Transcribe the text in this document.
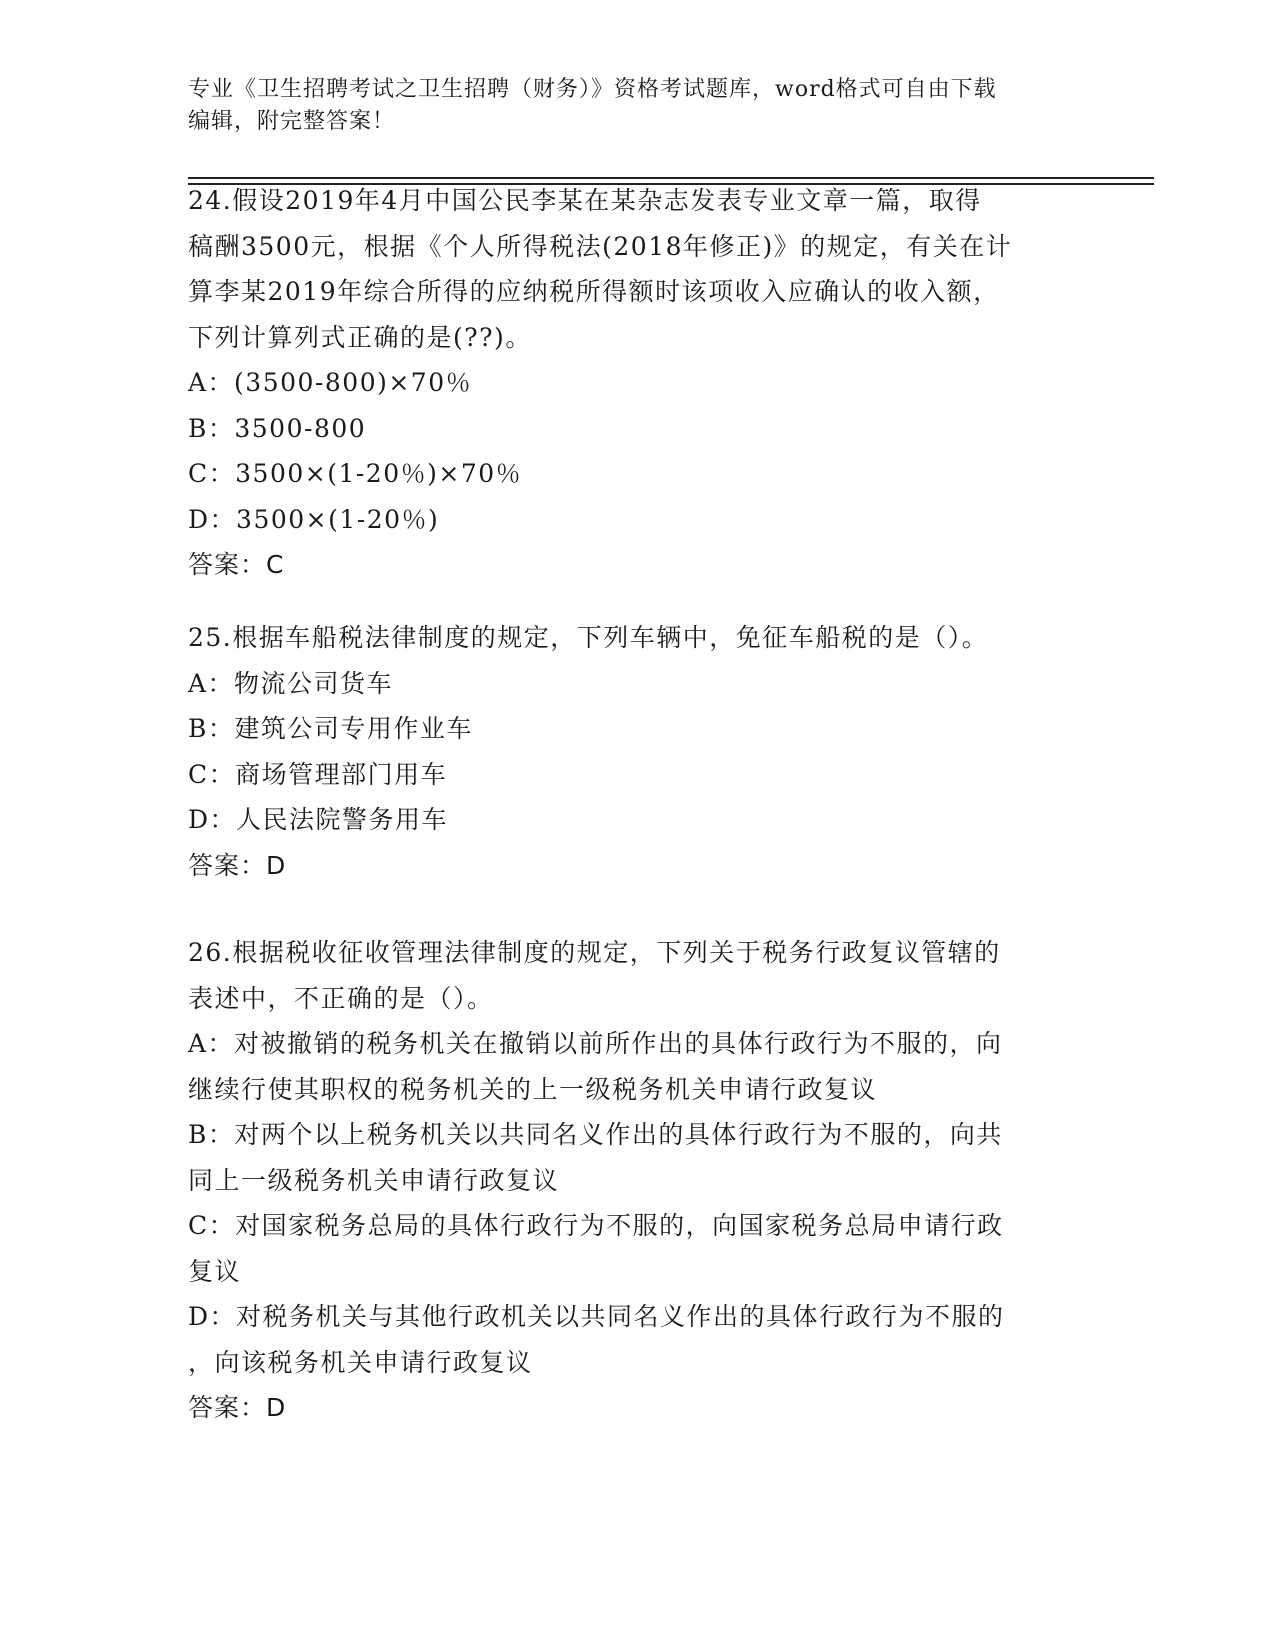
专业《卫生招聘考试之卫生招聘（财务）》资格考试题库，word格式可自由下载
编辑，附完整答案！
24.假设2019年4月中国公民李某在某杂志发表专业文章一篇，取得
稿酬3500元，根据《个人所得税法(2018年修正)》的规定，有关在计
算李某2019年综合所得的应纳税所得额时该项收入应确认的收入额，
下列计算列式正确的是(??)。
A：(3500-800)×70％
B：3500-800
C：3500×(1-20％)×70％
D：3500×(1-20％)
答案：C
25.根据车船税法律制度的规定，下列车辆中，免征车船税的是（）。
A：物流公司货车
B：建筑公司专用作业车
C：商场管理部门用车
D：人民法院警务用车
答案：D
26.根据税收征收管理法律制度的规定，下列关于税务行政复议管辖的
表述中，不正确的是（）。
A：对被撤销的税务机关在撤销以前所作出的具体行政行为不服的，向
继续行使其职权的税务机关的上一级税务机关申请行政复议
B：对两个以上税务机关以共同名义作出的具体行政行为不服的，向共
同上一级税务机关申请行政复议
C：对国家税务总局的具体行政行为不服的，向国家税务总局申请行政
复议
D：对税务机关与其他行政机关以共同名义作出的具体行政行为不服的
，向该税务机关申请行政复议
答案：D
